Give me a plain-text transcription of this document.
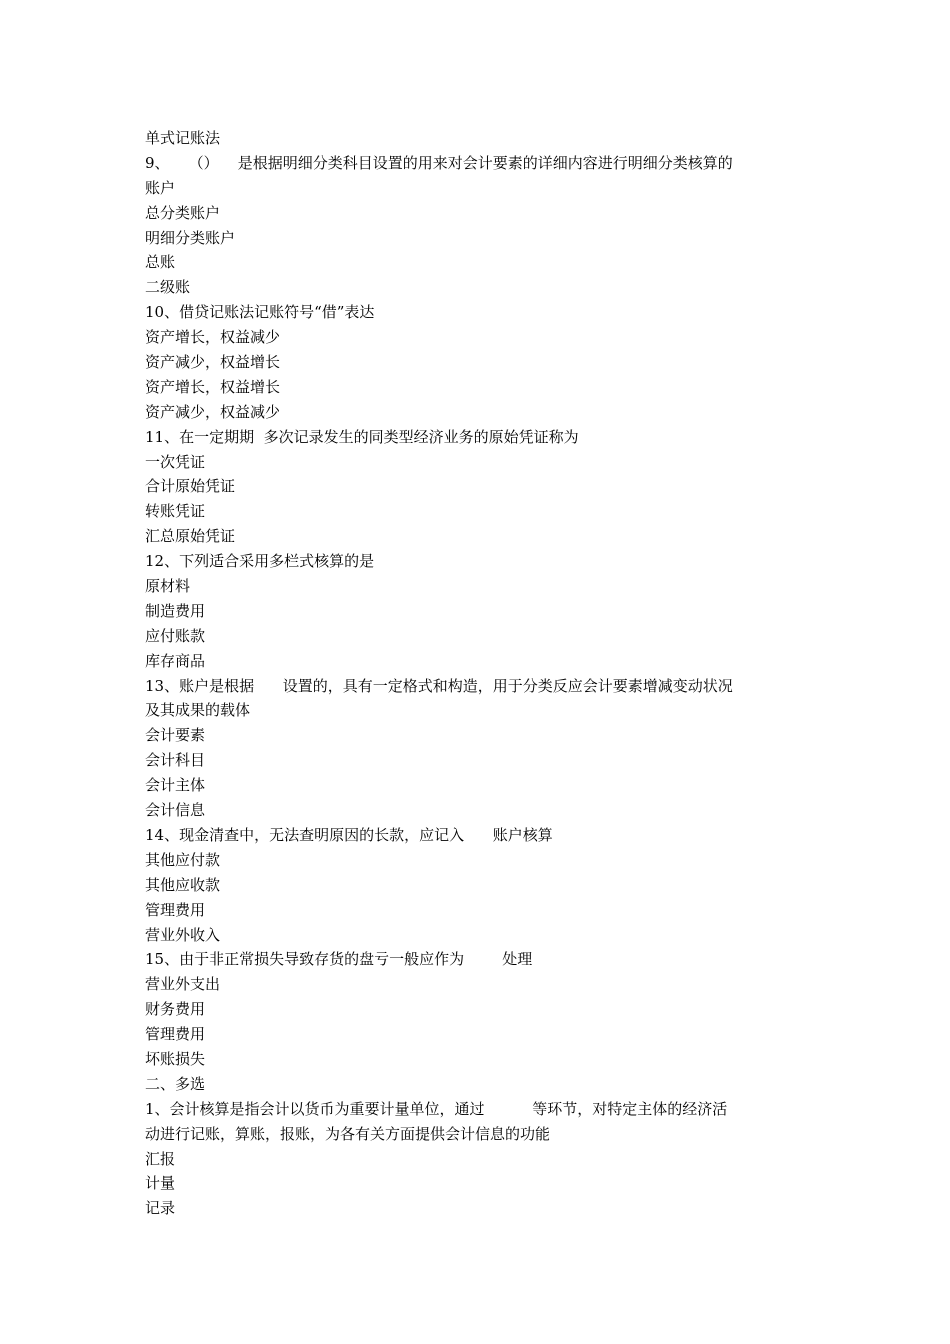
单式记账法
9、    （）    是根据明细分类科目设置的用来对会计要素的详细内容进行明细分类核算的
账户
总分类账户
明细分类账户
总账
二级账
10、借贷记账法记账符号“借”表达
资产增长，权益减少
资产减少，权益增长
资产增长，权益增长
资产减少，权益减少
11、在一定期期  多次记录发生的同类型经济业务的原始凭证称为
一次凭证
合计原始凭证
转账凭证
汇总原始凭证
12、下列适合采用多栏式核算的是
原材料
制造费用
应付账款
库存商品
13、账户是根据      设置的，具有一定格式和构造，用于分类反应会计要素增减变动状况
及其成果的载体
会计要素
会计科目
会计主体
会计信息
14、现金清查中，无法查明原因的长款，应记入      账户核算
其他应付款
其他应收款
管理费用
营业外收入
15、由于非正常损失导致存货的盘亏一般应作为        处理
营业外支出
财务费用
管理费用
坏账损失
二、多选
1、会计核算是指会计以货币为重要计量单位，通过          等环节，对特定主体的经济活
动进行记账，算账，报账，为各有关方面提供会计信息的功能
汇报
计量
记录
